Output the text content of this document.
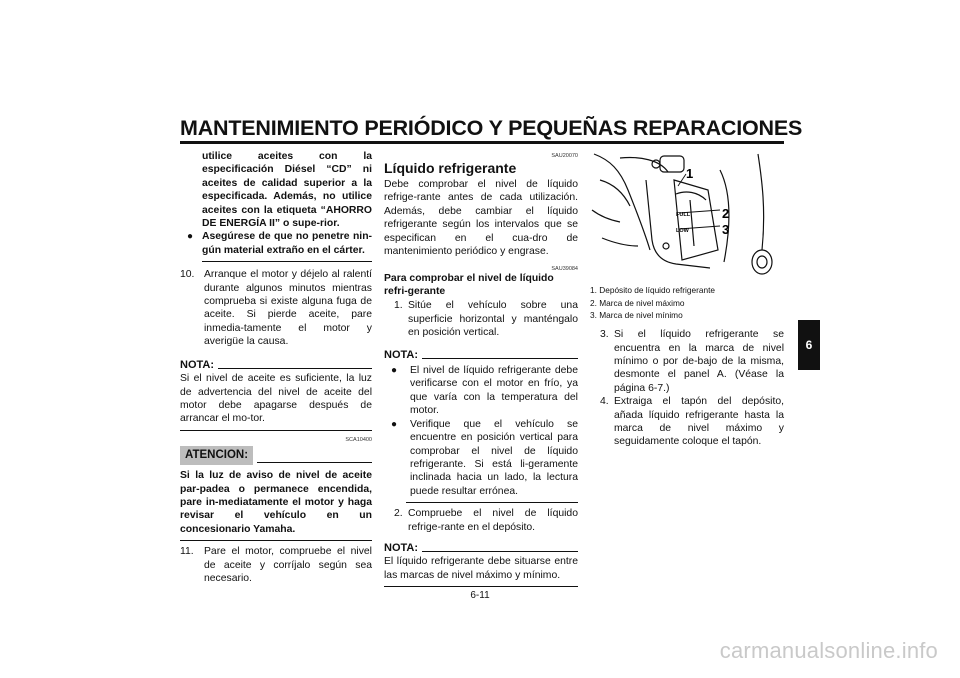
MANTENIMIENTO PERIÓDICO Y PEQUEÑAS REPARACIONES

utilice aceites con la especificación Diésel “CD” ni aceites de calidad superior a la especificada. Además, no utilice aceites con la etiqueta “AHORRO DE ENERGÍA II” o supe-rior.

● Asegúrese de que no penetre nin-gún material extraño en el cárter.

10. Arranque el motor y déjelo al ralentí durante algunos minutos mientras comprueba si existe alguna fuga de aceite. Si pierde aceite, pare inmedia-tamente el motor y averigüe la causa.

NOTA:

Si el nivel de aceite es suficiente, la luz de advertencia del nivel de aceite del motor debe apagarse después de arrancar el mo-tor.

SCA10400
ATENCION:

Si la luz de aviso de nivel de aceite par-padea o permanece encendida, pare in-mediatamente el motor y haga revisar el vehículo en un concesionario Yamaha.

11. Pare el motor, compruebe el nivel de aceite y corríjalo según sea necesario.

SAU20070

Líquido refrigerante

Debe comprobar el nivel de líquido refrige-rante antes de cada utilización. Además, debe cambiar el líquido refrigerante según los intervalos que se especifican en el cua-dro de mantenimiento periódico y engrase.

SAU39084

Para comprobar el nivel de líquido refri-gerante

1. Sitúe el vehículo sobre una superficie horizontal y manténgalo en posición vertical.

NOTA:

● El nivel de líquido refrigerante debe verificarse con el motor en frío, ya que varía con la temperatura del motor.

● Verifique que el vehículo se encuentre en posición vertical para comprobar el nivel de líquido refrigerante. Si está li-geramente inclinada hacia un lado, la lectura puede resultar errónea.

2. Compruebe el nivel de líquido refrige-rante en el depósito.

NOTA:

El líquido refrigerante debe situarse entre las marcas de nivel máximo y mínimo.

FULL
LOW
1
2
3
1. Depósito de líquido refrigerante
2. Marca de nivel máximo
3. Marca de nivel mínimo
3. Si el líquido refrigerante se encuentra en la marca de nivel mínimo o por de-bajo de la misma, desmonte el panel A. (Véase la página 6-7.)

4. Extraiga el tapón del depósito, añada líquido refrigerante hasta la marca de nivel máximo y seguidamente coloque el tapón.

6
6-11
carmanualsonline.info
